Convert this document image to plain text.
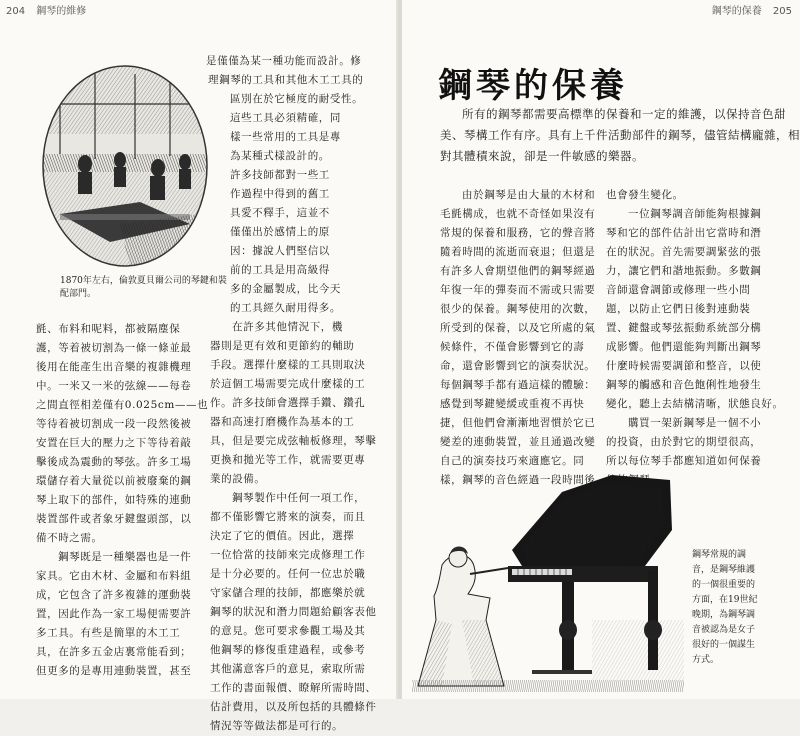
204 鋼琴的維修
1870年左右，倫敦夏貝爾公司的琴鍵和裝
配部門。
是僅僅為某一種功能而設計。修
理鋼琴的工具和其他木工工具的
區別在於它極度的耐受性。
這些工具必須精確，同
樣一些常用的工具是專
為某種式樣設計的。
許多技師都對一些工
作過程中得到的舊工
具愛不釋手，這並不
僅僅出於感情上的原
因：據說人們堅信以
前的工具是用高級得
多的金屬製成，比今天
的工具經久耐用得多。
在許多其他情況下，機
器則是更有效和更節約的輔助
手段。選擇什麼樣的工具則取決
於這個工場需要完成什麼樣的工
作。許多技師會選擇手鑽、鑽孔
器和高速打磨機作為基本的工
具，但是要完成弦軸板修理，琴擊
更換和拋光等工作，就需要更專
業的設備。
鋼琴製作中任何一項工作，
都不僅影響它將來的演奏，而且
決定了它的價值。因此，選擇
一位恰當的技師來完成修理工作
是十分必要的。任何一位忠於職
守家儲合理的技師，都應樂於就
鋼琴的狀況和潛力問題給顧客表他
的意見。您可要求參觀工場及其
他鋼琴的修復重建過程，或參考
其他滿意客戶的意見，索取所需
工作的書面報價、瞭解所需時間、
估計費用，以及所包括的具體條件
情況等等做法都是可行的。
氈、布料和呢料，都被隔塵保
護，等着被切割為一條一條並最
後用在能產生出音樂的複雜機理
中。一米又一米的弦線——每卷
之間直徑相差僅有0.025cm——也
等待着被切割成一段一段然後被
安置在巨大的壓力之下等待着敲
擊後成為震動的琴弦。許多工場
環儲存着大量從以前被廢棄的鋼
琴上取下的部件，如特殊的連動
裝置部件或者象牙鍵盤頭部，以
備不時之需。
鋼琴既是一種樂器也是一件
家具。它由木材、金屬和布料組
成，它包含了許多複雜的運動裝
置，因此作為一家工場便需要許
多工具。有些是簡單的木工工
具，在許多五金店裏常能看到；
但更多的是專用連動裝置，甚至
鋼琴的保養 205
鋼琴的保養
所有的鋼琴都需要高標準的保養和一定的維護，以保持音色甜
美、琴構工作有序。具有上千件活動部件的鋼琴，儘管結構龐雜，相
對其體積來說，卻是一件敏感的樂器。
由於鋼琴是由大量的木材和
毛氈構成，也就不奇怪如果沒有
常規的保養和服務，它的聲音將
隨着時間的流逝而衰退；但還是
有許多人會期望他們的鋼琴經過
年復一年的彈奏而不需或只需要
很少的保養。鋼琴使用的次數，
所受到的保養，以及它所處的氣
候條件，不僅會影響到它的壽
命，還會影響到它的演奏狀況。
每個鋼琴手都有過這樣的體驗：
感覺到琴鍵變緩或重複不再快
捷，但他們會漸漸地習慣於它已
變差的連動裝置，並且通過改變
自己的演奏技巧來適應它。同
樣，鋼琴的音色經過一段時間後
也會發生變化。
一位鋼琴調音師能夠根據鋼
琴和它的部件估計出它當時和潛
在的狀況。首先需要調緊弦的張
力，讓它們和諧地振動。多數鋼
音師還會調節或修理一些小問
題，以防止它們日後對連動裝
置、鍵盤或琴弦振動系統部分構
成影響。他們還能夠判斷出鋼琴
什麼時候需要調節和整音，以使
鋼琴的觸感和音色飽俐性地發生
變化，聽上去結構清晰，狀態良好。
購買一架新鋼琴是一個不小
的投資，由於對它的期望很高，
所以每位琴手都應知道如何保養
鋼琴常規的調
音，是鋼琴維護
的一個很重要的
方面，在19世紀
晚期，為鋼琴調
音被認為是女子
很好的一個謀生
方式。
